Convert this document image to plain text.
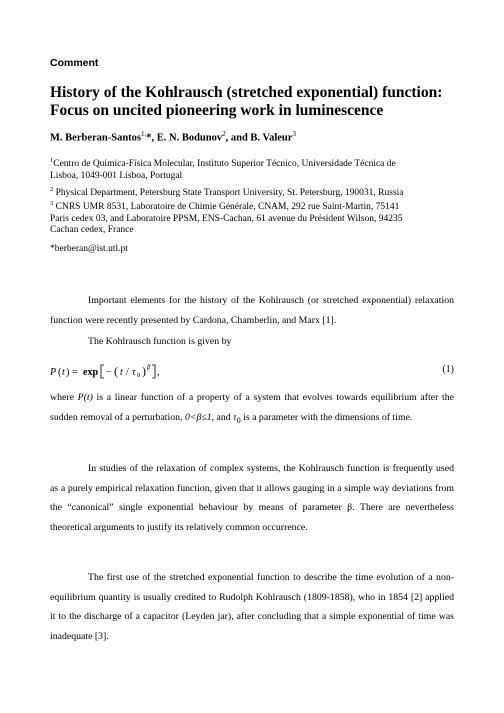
Comment
History of the Kohlrausch (stretched exponential) function:
Focus on uncited pioneering work in luminescence
M. Berberan-Santos$^{1,}$*, E. N. Bodunov$^2$, and B. Valeur$^3$
$^1$Centro de Química-Física Molecular, Instituto Superior Técnico, Universidade Técnica de
Lisboa, 1049-001 Lisboa, Portugal
$^2$ Physical Department, Petersburg State Transport University, St. Petersburg, 190031, Russia
$^3$ CNRS UMR 8531, Laboratoire de Chimie Générale, CNAM, 292 rue Saint-Martin, 75141
Paris cedex 03, and Laboratoire PPSM, ENS-Cachan, 61 avenue du Président Wilson, 94235
Cachan cedex, France
*berberan@ist.utl.pt
Important elements for the history of the Kohlrausch (or stretched exponential) relaxation function were recently presented by Cardona, Chamberlin, and Marx [1].
The Kohlrausch function is given by
P ( t ) = exp − ( t / τ 0 ) β ,	(1)
where P(t) is a linear function of a property of a system that evolves towards equilibrium after the sudden removal of a perturbation, 0<β≤1, and $\tau_0$ is a parameter with the dimensions of time.
In studies of the relaxation of complex systems, the Kohlrausch function is frequently used as a purely empirical relaxation function, given that it allows gauging in a simple way deviations from the “canonical” single exponential behaviour by means of parameter β. There are nevertheless theoretical arguments to justify its relatively common occurrence.
The first use of the stretched exponential function to describe the time evolution of a non-equilibrium quantity is usually credited to Rudolph Kohlrausch (1809-1858), who in 1854 [2] applied it to the discharge of a capacitor (Leyden jar), after concluding that a simple exponential of time was inadequate [3].
